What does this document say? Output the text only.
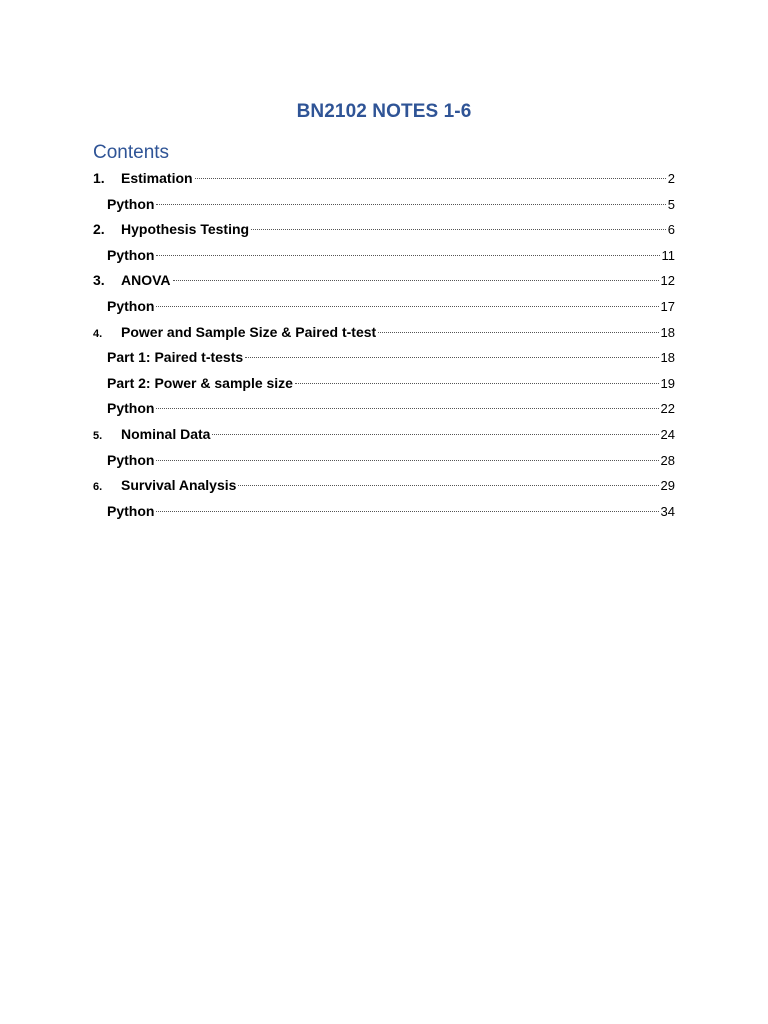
BN2102 NOTES 1-6
Contents
1.	Estimation	2
Python	5
2.	Hypothesis Testing	6
Python	11
3.	ANOVA	12
Python	17
4.	Power and Sample Size & Paired t-test	18
Part 1: Paired t-tests	18
Part 2: Power & sample size	19
Python	22
5.	Nominal Data	24
Python	28
6.	Survival Analysis	29
Python	34
